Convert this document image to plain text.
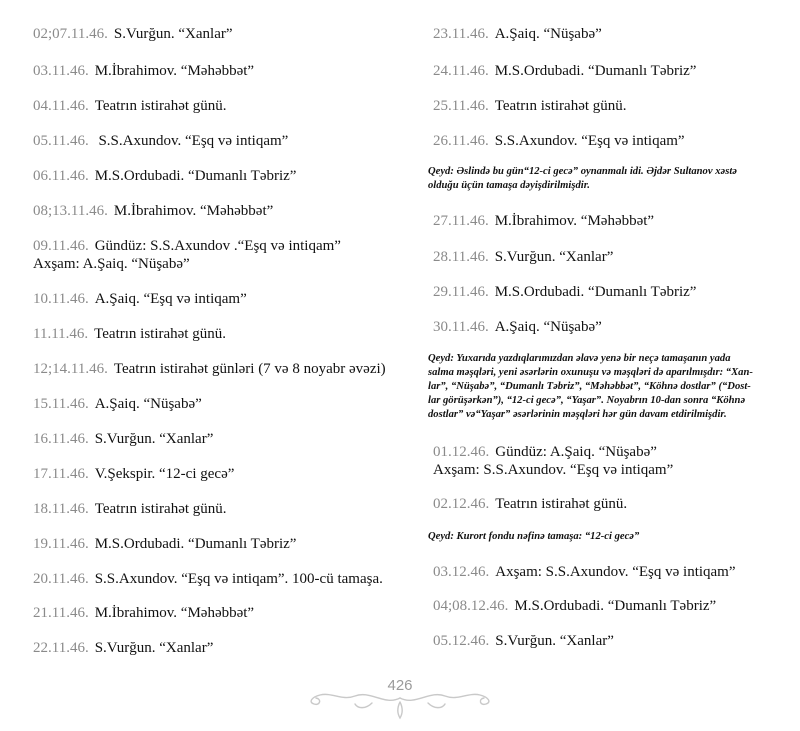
02;07.11.46. S.Vurğun. “Xanlar”
03.11.46. M.İbrahimov. “Məhəbbət”
04.11.46. Teatrın istirahət günü.
05.11.46. S.S.Axundov. “Eşq və intiqam”
06.11.46. M.S.Ordubadi. “Dumanlı Təbriz”
08;13.11.46. M.İbrahimov. “Məhəbbət”
09.11.46. Gündüz: S.S.Axundov .“Eşq və intiqam”
Axşam: A.Şaiq. “Nüşabə”
10.11.46. A.Şaiq. “Eşq və intiqam”
11.11.46. Teatrın istirahət günü.
12;14.11.46. Teatrın istirahət günləri (7 və 8 noyabr əvəzi)
15.11.46. A.Şaiq. “Nüşabə”
16.11.46. S.Vurğun. “Xanlar”
17.11.46. V.Şekspir. “12-ci gecə”
18.11.46. Teatrın istirahət günü.
19.11.46. M.S.Ordubadi. “Dumanlı Təbriz”
20.11.46. S.S.Axundov. “Eşq və intiqam”. 100-cü tamaşa.
21.11.46. M.İbrahimov. “Məhəbbət”
22.11.46. S.Vurğun. “Xanlar”
23.11.46. A.Şaiq. “Nüşabə”
24.11.46. M.S.Ordubadi. “Dumanlı Təbriz”
25.11.46. Teatrın istirahət günü.
26.11.46. S.S.Axundov. “Eşq və intiqam”
Qeyd: Əslində bu gün“12-ci gecə” oynanmalı idi. Əjdər Sultanov xəstə
olduğu üçün tamaşa dəyişdirilmişdir.
27.11.46. M.İbrahimov. “Məhəbbət”
28.11.46. S.Vurğun. “Xanlar”
29.11.46. M.S.Ordubadi. “Dumanlı Təbriz”
30.11.46. A.Şaiq. “Nüşabə”
Qeyd: Yuxarıda yazdıqlarımızdan əlavə yenə bir neçə tamaşanın yada
salma məşqləri, yeni əsərlərin oxunuşu və məşqləri də aparılmışdır: “Xan-
lar”, “Nüşabə”, “Dumanlı Təbriz”, “Məhəbbət”, “Köhnə dostlar” (“Dost-
lar görüşərkən”), “12-ci gecə”, “Yaşar”. Noyabrın 10-dan sonra “Köhnə
dostlar” və“Yaşar” əsərlərinin məşqləri hər gün davam etdirilmişdir.
01.12.46. Gündüz: A.Şaiq. “Nüşabə”
Axşam: S.S.Axundov. “Eşq və intiqam”
02.12.46. Teatrın istirahət günü.
Qeyd: Kurort fondu nəfinə tamaşa: “12-ci gecə”
03.12.46. Axşam: S.S.Axundov. “Eşq və intiqam”
04;08.12.46. M.S.Ordubadi. “Dumanlı Təbriz”
05.12.46. S.Vurğun. “Xanlar”
426
